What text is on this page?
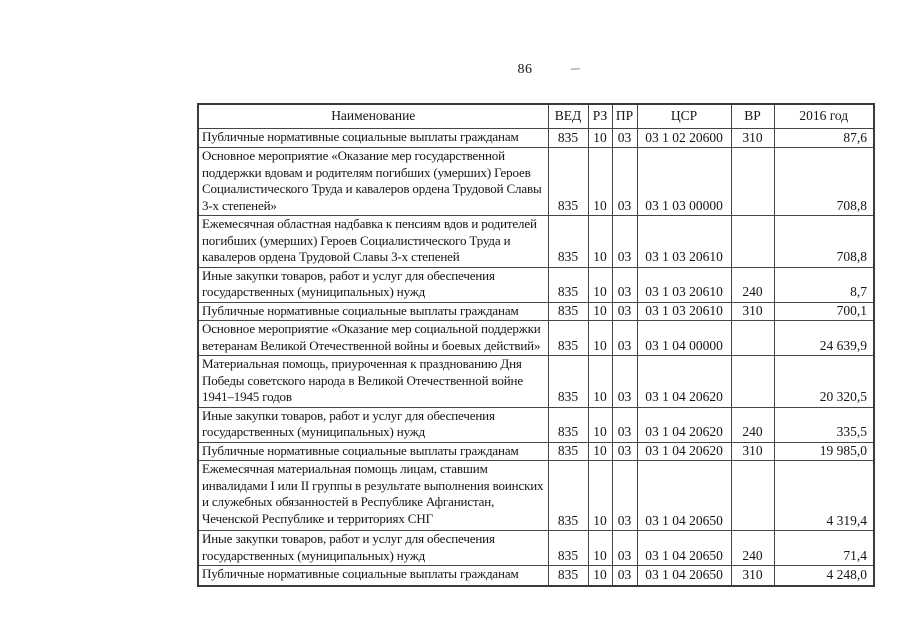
86
Наименование	ВЕД	РЗ	ПР	ЦСР	ВР	2016 год
Публичные нормативные социальные выплаты гражданам	835	10	03	03 1 02 20600	310	87,6
Основное мероприятие «Оказание мер государственной поддержки вдовам и родителям погибших (умерших) Героев Социалистического Труда и кавалеров ордена Трудовой Славы 3-х степеней»	835	10	03	03 1 03 00000		708,8
Ежемесячная областная надбавка к пенсиям вдов и родителей погибших (умерших) Героев Социалистического Труда и кавалеров ордена Трудовой Славы 3-х степеней	835	10	03	03 1 03 20610		708,8
Иные закупки товаров, работ и услуг для обеспечения государственных (муниципальных) нужд	835	10	03	03 1 03 20610	240	8,7
Публичные нормативные социальные выплаты гражданам	835	10	03	03 1 03 20610	310	700,1
Основное мероприятие «Оказание мер социальной поддержки ветеранам Великой Отечественной войны и боевых действий»	835	10	03	03 1 04 00000		24 639,9
Материальная помощь, приуроченная к празднованию Дня Победы советского народа в Великой Отечественной войне 1941–1945 годов	835	10	03	03 1 04 20620		20 320,5
Иные закупки товаров, работ и услуг для обеспечения государственных (муниципальных) нужд	835	10	03	03 1 04 20620	240	335,5
Публичные нормативные социальные выплаты гражданам	835	10	03	03 1 04 20620	310	19 985,0
Ежемесячная материальная помощь лицам, ставшим инвалидами I или II группы в результате выполнения воинских и служебных обязанностей в Республике Афганистан, Чеченской Республике и территориях СНГ	835	10	03	03 1 04 20650		4 319,4
Иные закупки товаров, работ и услуг для обеспечения государственных (муниципальных) нужд	835	10	03	03 1 04 20650	240	71,4
Публичные нормативные социальные выплаты гражданам	835	10	03	03 1 04 20650	310	4 248,0
